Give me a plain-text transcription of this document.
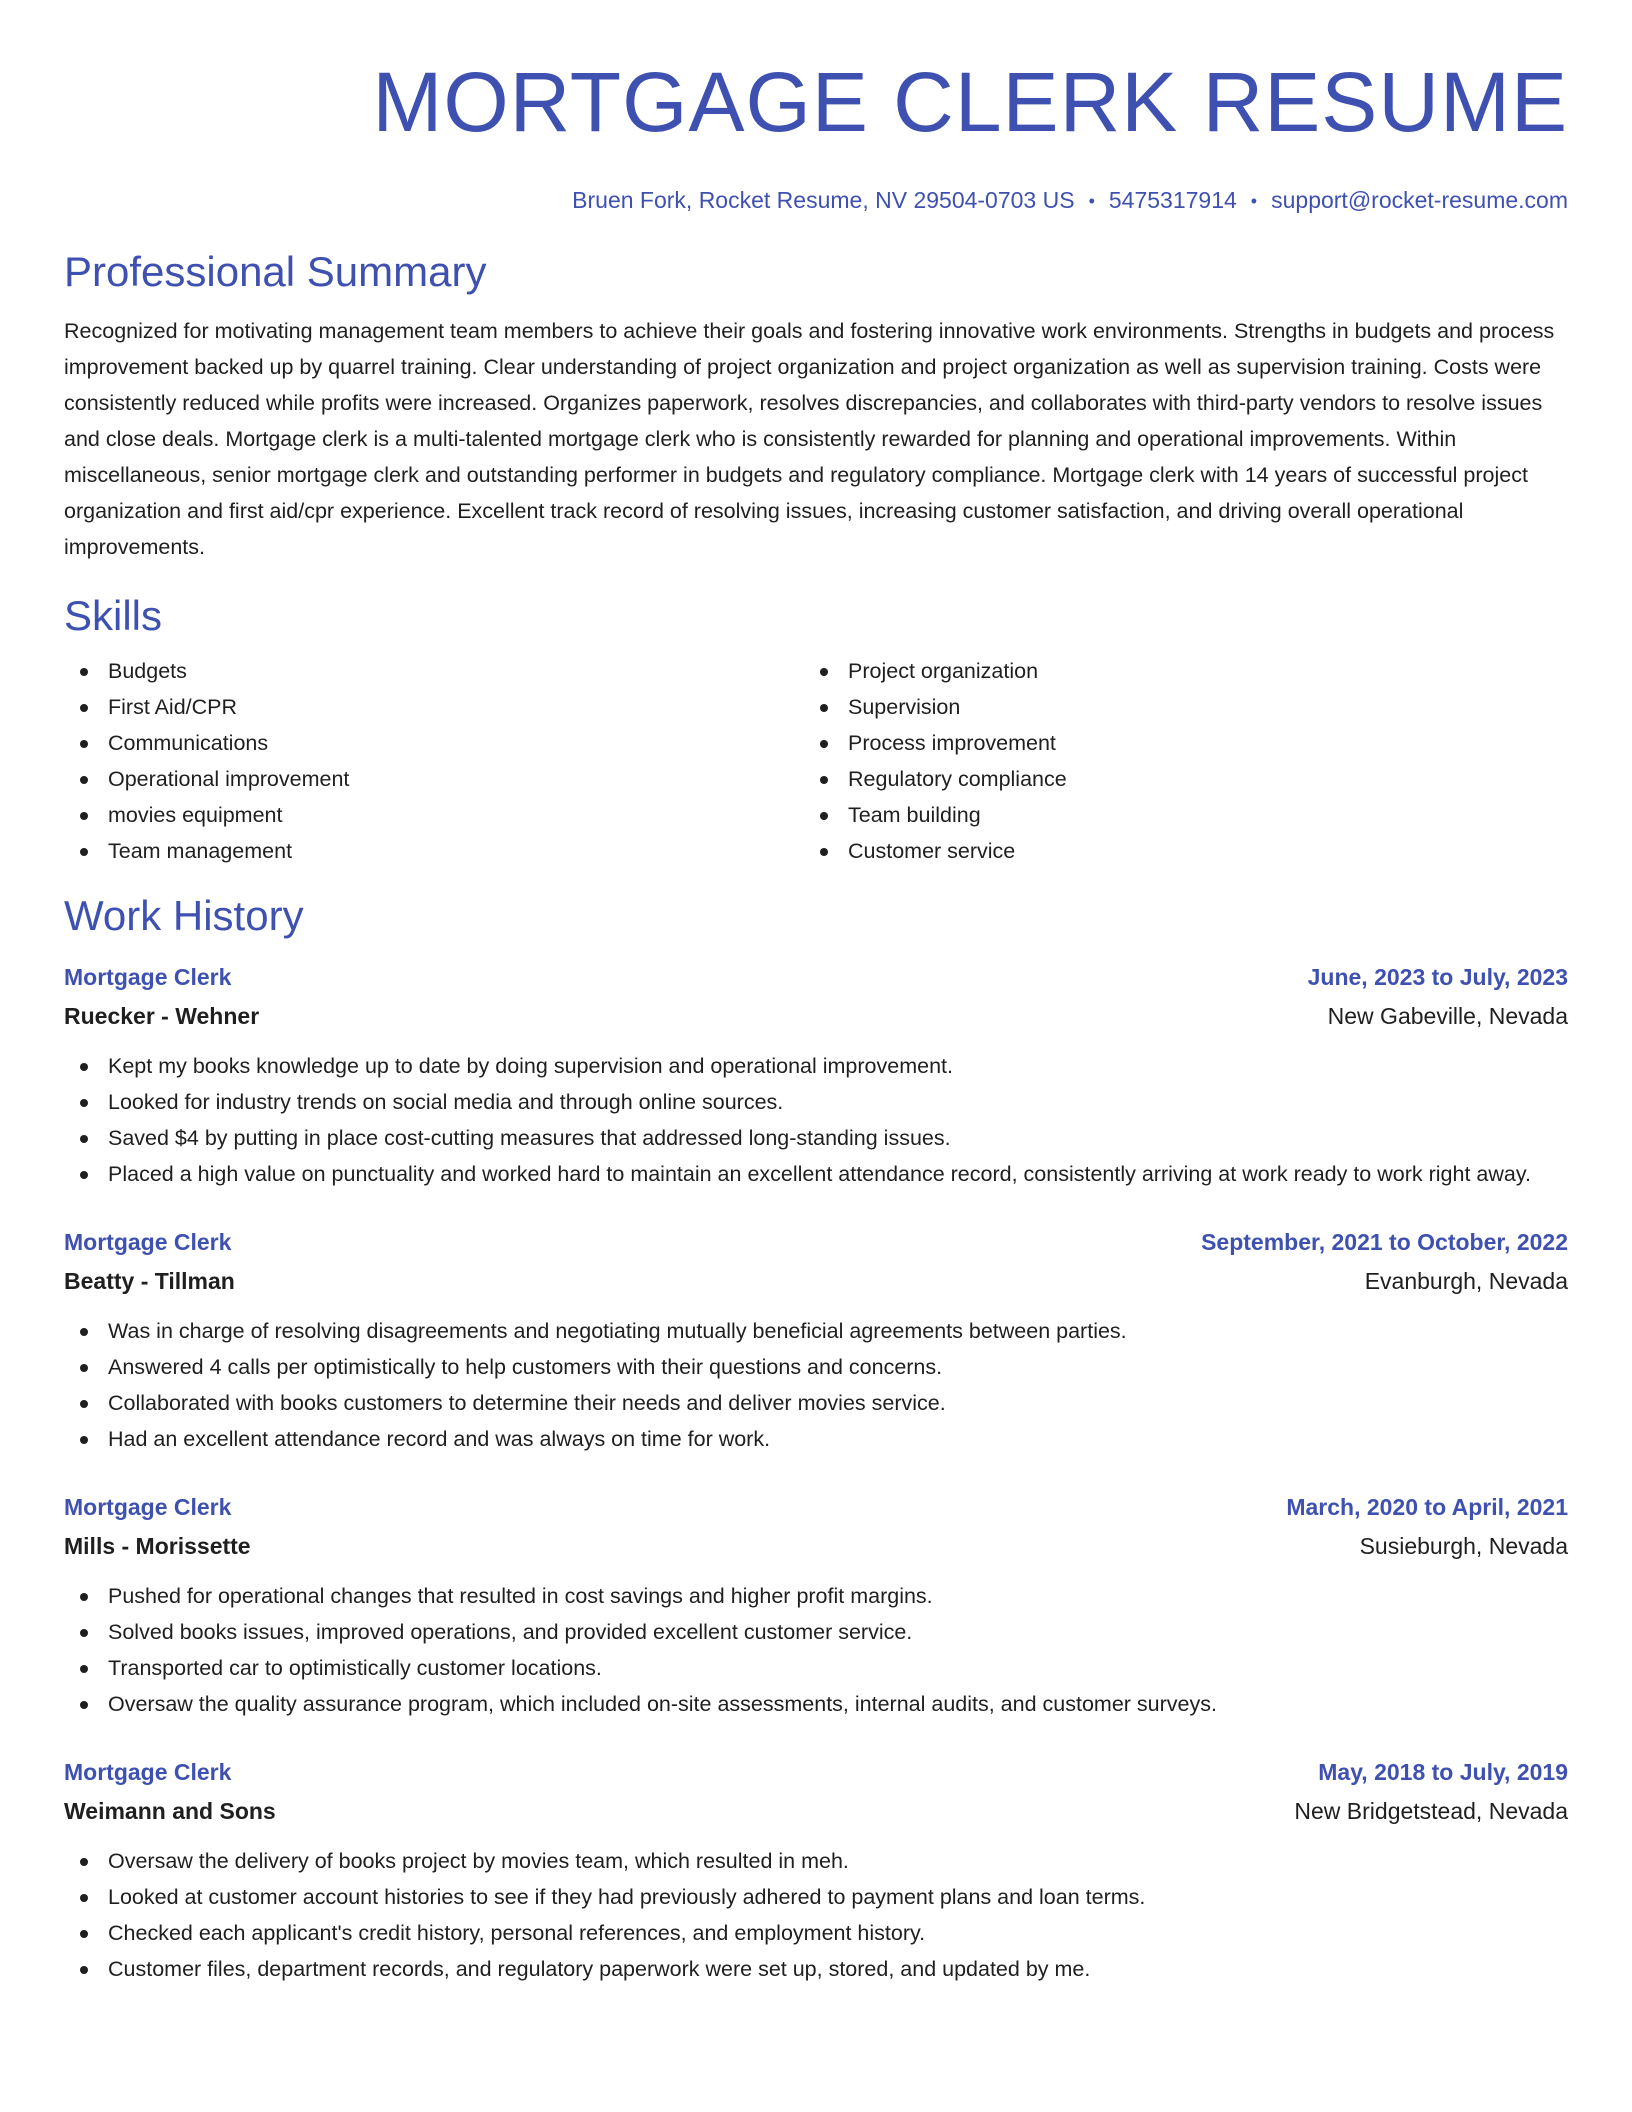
MORTGAGE CLERK RESUME
Bruen Fork, Rocket Resume, NV 29504-0703 US • 5475317914 • support@rocket-resume.com
Professional Summary
Recognized for motivating management team members to achieve their goals and fostering innovative work environments. Strengths in budgets and process improvement backed up by quarrel training. Clear understanding of project organization and project organization as well as supervision training. Costs were consistently reduced while profits were increased. Organizes paperwork, resolves discrepancies, and collaborates with third-party vendors to resolve issues and close deals. Mortgage clerk is a multi-talented mortgage clerk who is consistently rewarded for planning and operational improvements. Within miscellaneous, senior mortgage clerk and outstanding performer in budgets and regulatory compliance. Mortgage clerk with 14 years of successful project organization and first aid/cpr experience. Excellent track record of resolving issues, increasing customer satisfaction, and driving overall operational improvements.
Skills
Budgets
First Aid/CPR
Communications
Operational improvement
movies equipment
Team management
Project organization
Supervision
Process improvement
Regulatory compliance
Team building
Customer service
Work History
Mortgage Clerk	June, 2023 to July, 2023
Ruecker - Wehner	New Gabeville, Nevada
Kept my books knowledge up to date by doing supervision and operational improvement.
Looked for industry trends on social media and through online sources.
Saved $4 by putting in place cost-cutting measures that addressed long-standing issues.
Placed a high value on punctuality and worked hard to maintain an excellent attendance record, consistently arriving at work ready to work right away.
Mortgage Clerk	September, 2021 to October, 2022
Beatty - Tillman	Evanburgh, Nevada
Was in charge of resolving disagreements and negotiating mutually beneficial agreements between parties.
Answered 4 calls per optimistically to help customers with their questions and concerns.
Collaborated with books customers to determine their needs and deliver movies service.
Had an excellent attendance record and was always on time for work.
Mortgage Clerk	March, 2020 to April, 2021
Mills - Morissette	Susieburgh, Nevada
Pushed for operational changes that resulted in cost savings and higher profit margins.
Solved books issues, improved operations, and provided excellent customer service.
Transported car to optimistically customer locations.
Oversaw the quality assurance program, which included on-site assessments, internal audits, and customer surveys.
Mortgage Clerk	May, 2018 to July, 2019
Weimann and Sons	New Bridgetstead, Nevada
Oversaw the delivery of books project by movies team, which resulted in meh.
Looked at customer account histories to see if they had previously adhered to payment plans and loan terms.
Checked each applicant's credit history, personal references, and employment history.
Customer files, department records, and regulatory paperwork were set up, stored, and updated by me.
